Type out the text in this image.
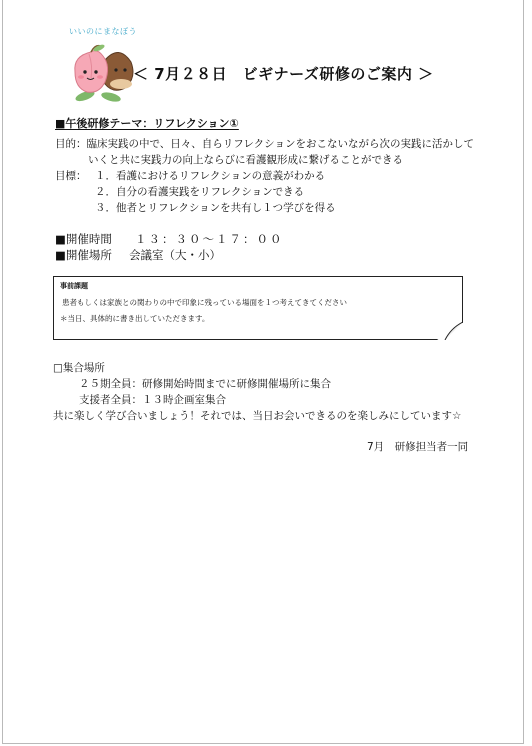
いいのにまなぼう
＜ 7月２８日　ビギナーズ研修のご案内 ＞
■午後研修テーマ：リフレクション①
目的：臨床実践の中で、日々、自らリフレクションをおこないながら次の実践に活かして
いくと共に実践力の向上ならびに看護観形成に繋げることができる
目標： １．看護におけるリフレクションの意義がわかる
２．自分の看護実践をリフレクションできる
３．他者とリフレクションを共有し１つ学びを得る
■開催時間 １３：３０～１７：００
■開催場所 会議室（大・小）
事前課題
患者もしくは家族との関わりの中で印象に残っている場面を１つ考えてきてください
＊当日、具体的に書き出していただきます。
□集合場所
２５期全員：研修開始時間までに研修開催場所に集合
支援者全員：１３時企画室集合
共に楽しく学び合いましょう！それでは、当日お会いできるのを楽しみにしています☆
7月　研修担当者一同
